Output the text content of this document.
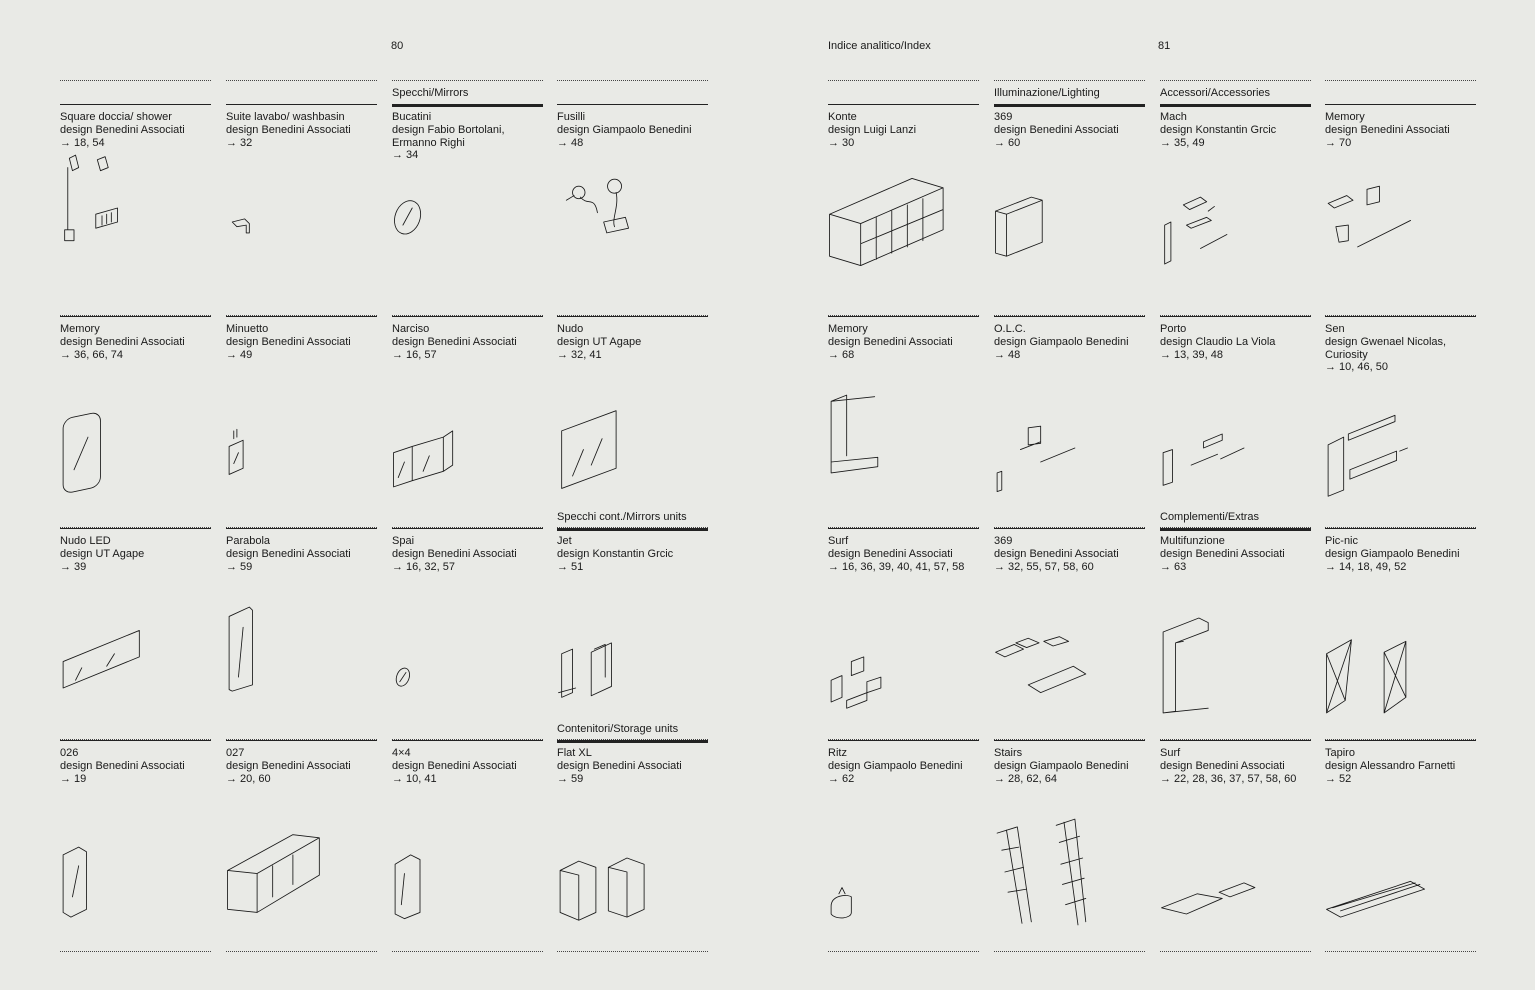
80
Square doccia/ shower
design Benedini Associati
→ 18, 54
Suite lavabo/ washbasin
design Benedini Associati
→ 32
Specchi/Mirrors
Bucatini
design Fabio Bortolani,
Ermanno Righi
→ 34
Fusilli
design Giampaolo Benedini
→ 48
Memory
design Benedini Associati
→ 36, 66, 74
Minuetto
design Benedini Associati
→ 49
Narciso
design Benedini Associati
→ 16, 57
Nudo
design UT Agape
→ 32, 41
Nudo LED
design UT Agape
→ 39
Parabola
design Benedini Associati
→ 59
Spai
design Benedini Associati
→ 16, 32, 57
Specchi cont./Mirrors units
Jet
design Konstantin Grcic
→ 51
026
design Benedini Associati
→ 19
027
design Benedini Associati
→ 20, 60
4×4
design Benedini Associati
→ 10, 41
Contenitori/Storage units
Flat XL
design Benedini Associati
→ 59
Indice analitico/Index	81
Konte
design Luigi Lanzi
→ 30
Illuminazione/Lighting
369
design Benedini Associati
→ 60
Accessori/Accessories
Mach
design Konstantin Grcic
→ 35, 49
Memory
design Benedini Associati
→ 70
Memory
design Benedini Associati
→ 68
O.L.C.
design Giampaolo Benedini
→ 48
Porto
design Claudio La Viola
→ 13, 39, 48
Sen
design Gwenael Nicolas,
Curiosity
→ 10, 46, 50
Surf
design Benedini Associati
→ 16, 36, 39, 40, 41, 57, 58
369
design Benedini Associati
→ 32, 55, 57, 58, 60
Complementi/Extras
Multifunzione
design Benedini Associati
→ 63
Pic-nic
design Giampaolo Benedini
→ 14, 18, 49, 52
Ritz
design Giampaolo Benedini
→ 62
Stairs
design Giampaolo Benedini
→ 28, 62, 64
Surf
design Benedini Associati
→ 22, 28, 36, 37, 57, 58, 60
Tapiro
design Alessandro Farnetti
→ 52
